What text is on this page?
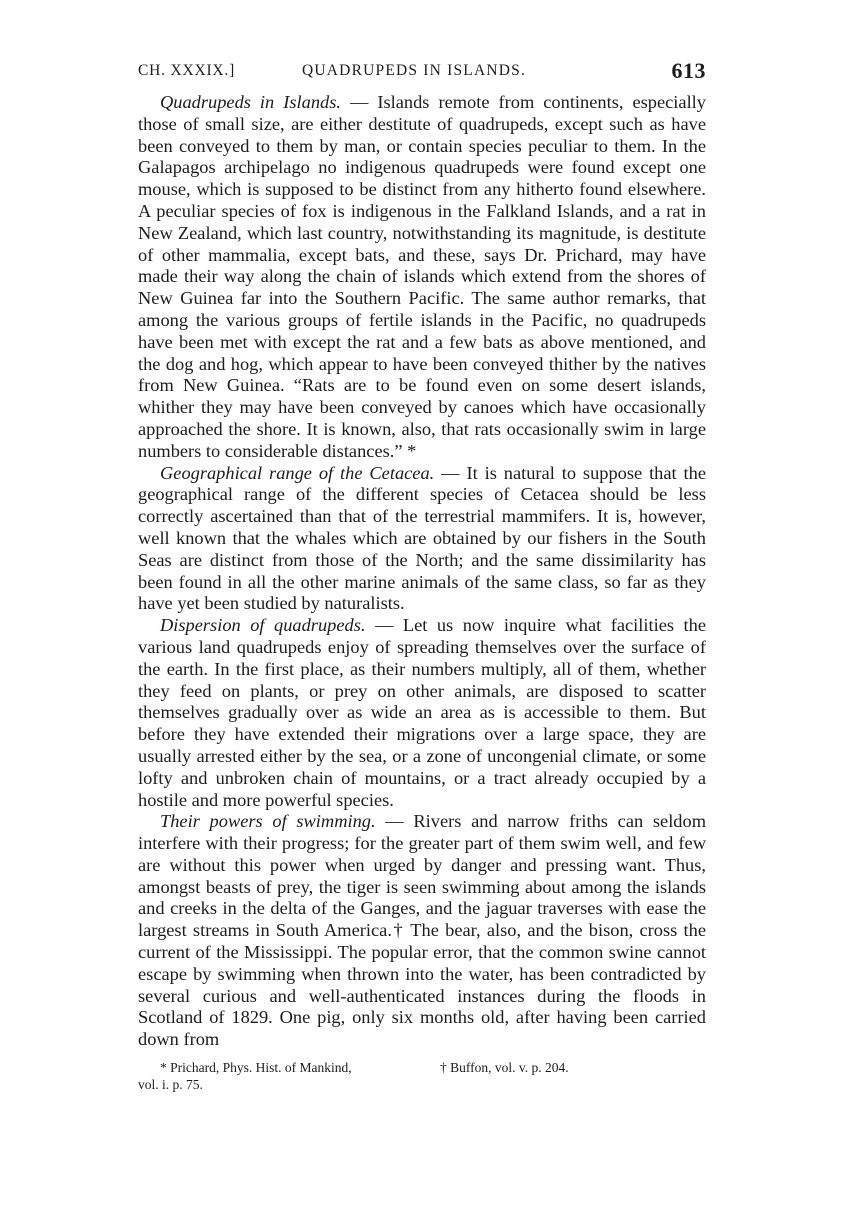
CH. XXXIX.]	QUADRUPEDS IN ISLANDS.	613

Quadrupeds in Islands. — Islands remote from continents, especially those of small size, are either destitute of quadrupeds, except such as have been conveyed to them by man, or contain species peculiar to them. In the Galapagos archipelago no indigenous quadrupeds were found except one mouse, which is supposed to be distinct from any hitherto found elsewhere. A peculiar species of fox is indigenous in the Falkland Islands, and a rat in New Zealand, which last country, notwithstanding its magnitude, is destitute of other mammalia, except bats, and these, says Dr. Prichard, may have made their way along the chain of islands which extend from the shores of New Guinea far into the Southern Pacific. The same author remarks, that among the various groups of fertile islands in the Pacific, no quadrupeds have been met with except the rat and a few bats as above mentioned, and the dog and hog, which appear to have been conveyed thither by the natives from New Guinea. “Rats are to be found even on some desert islands, whither they may have been conveyed by canoes which have occasionally approached the shore. It is known, also, that rats occasionally swim in large numbers to considerable distances.” *

Geographical range of the Cetacea. — It is natural to suppose that the geographical range of the different species of Cetacea should be less correctly ascertained than that of the terrestrial mammifers. It is, however, well known that the whales which are obtained by our fishers in the South Seas are distinct from those of the North; and the same dissimilarity has been found in all the other marine animals of the same class, so far as they have yet been studied by naturalists.

Dispersion of quadrupeds. — Let us now inquire what facilities the various land quadrupeds enjoy of spreading themselves over the surface of the earth. In the first place, as their numbers multiply, all of them, whether they feed on plants, or prey on other animals, are disposed to scatter themselves gradually over as wide an area as is accessible to them. But before they have extended their migrations over a large space, they are usually arrested either by the sea, or a zone of uncongenial climate, or some lofty and unbroken chain of mountains, or a tract already occupied by a hostile and more powerful species.

Their powers of swimming. — Rivers and narrow friths can seldom interfere with their progress; for the greater part of them swim well, and few are without this power when urged by danger and pressing want. Thus, amongst beasts of prey, the tiger is seen swimming about among the islands and creeks in the delta of the Ganges, and the jaguar traverses with ease the largest streams in South America.† The bear, also, and the bison, cross the current of the Mississippi. The popular error, that the common swine cannot escape by swimming when thrown into the water, has been contradicted by several curious and well-authenticated instances during the floods in Scotland of 1829. One pig, only six months old, after having been carried down from

* Prichard, Phys. Hist. of Mankind,
vol. i. p. 75.
† Buffon, vol. v. p. 204.
